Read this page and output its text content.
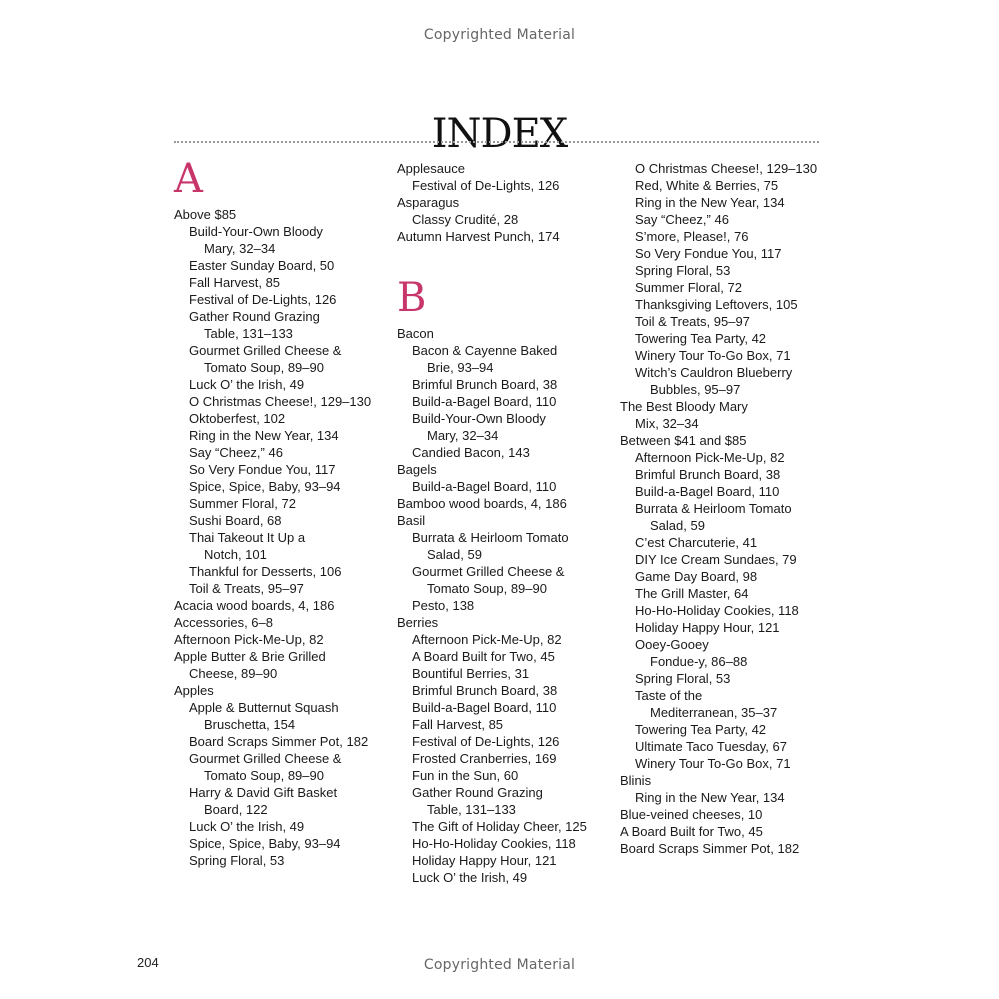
Copyrighted Material
INDEX
A
Above $85
Build-Your-Own Bloody
Mary, 32–34
Easter Sunday Board, 50
Fall Harvest, 85
Festival of De-Lights, 126
Gather Round Grazing
Table, 131–133
Gourmet Grilled Cheese &
Tomato Soup, 89–90
Luck O’ the Irish, 49
O Christmas Cheese!, 129–130
Oktoberfest, 102
Ring in the New Year, 134
Say “Cheez,” 46
So Very Fondue You, 117
Spice, Spice, Baby, 93–94
Summer Floral, 72
Sushi Board, 68
Thai Takeout It Up a
Notch, 101
Thankful for Desserts, 106
Toil & Treats, 95–97
Acacia wood boards, 4, 186
Accessories, 6–8
Afternoon Pick-Me-Up, 82
Apple Butter & Brie Grilled
Cheese, 89–90
Apples
Apple & Butternut Squash
Bruschetta, 154
Board Scraps Simmer Pot, 182
Gourmet Grilled Cheese &
Tomato Soup, 89–90
Harry & David Gift Basket
Board, 122
Luck O’ the Irish, 49
Spice, Spice, Baby, 93–94
Spring Floral, 53
Applesauce
Festival of De-Lights, 126
Asparagus
Classy Crudité, 28
Autumn Harvest Punch, 174
B
Bacon
Bacon & Cayenne Baked
Brie, 93–94
Brimful Brunch Board, 38
Build-a-Bagel Board, 110
Build-Your-Own Bloody
Mary, 32–34
Candied Bacon, 143
Bagels
Build-a-Bagel Board, 110
Bamboo wood boards, 4, 186
Basil
Burrata & Heirloom Tomato
Salad, 59
Gourmet Grilled Cheese &
Tomato Soup, 89–90
Pesto, 138
Berries
Afternoon Pick-Me-Up, 82
A Board Built for Two, 45
Bountiful Berries, 31
Brimful Brunch Board, 38
Build-a-Bagel Board, 110
Fall Harvest, 85
Festival of De-Lights, 126
Frosted Cranberries, 169
Fun in the Sun, 60
Gather Round Grazing
Table, 131–133
The Gift of Holiday Cheer, 125
Ho-Ho-Holiday Cookies, 118
Holiday Happy Hour, 121
Luck O’ the Irish, 49
O Christmas Cheese!, 129–130
Red, White & Berries, 75
Ring in the New Year, 134
Say “Cheez,” 46
S’more, Please!, 76
So Very Fondue You, 117
Spring Floral, 53
Summer Floral, 72
Thanksgiving Leftovers, 105
Toil & Treats, 95–97
Towering Tea Party, 42
Winery Tour To-Go Box, 71
Witch’s Cauldron Blueberry
Bubbles, 95–97
The Best Bloody Mary
Mix, 32–34
Between $41 and $85
Afternoon Pick-Me-Up, 82
Brimful Brunch Board, 38
Build-a-Bagel Board, 110
Burrata & Heirloom Tomato
Salad, 59
C’est Charcuterie, 41
DIY Ice Cream Sundaes, 79
Game Day Board, 98
The Grill Master, 64
Ho-Ho-Holiday Cookies, 118
Holiday Happy Hour, 121
Ooey-Gooey
Fondue-y, 86–88
Spring Floral, 53
Taste of the
Mediterranean, 35–37
Towering Tea Party, 42
Ultimate Taco Tuesday, 67
Winery Tour To-Go Box, 71
Blinis
Ring in the New Year, 134
Blue-veined cheeses, 10
A Board Built for Two, 45
Board Scraps Simmer Pot, 182
204	Copyrighted Material
